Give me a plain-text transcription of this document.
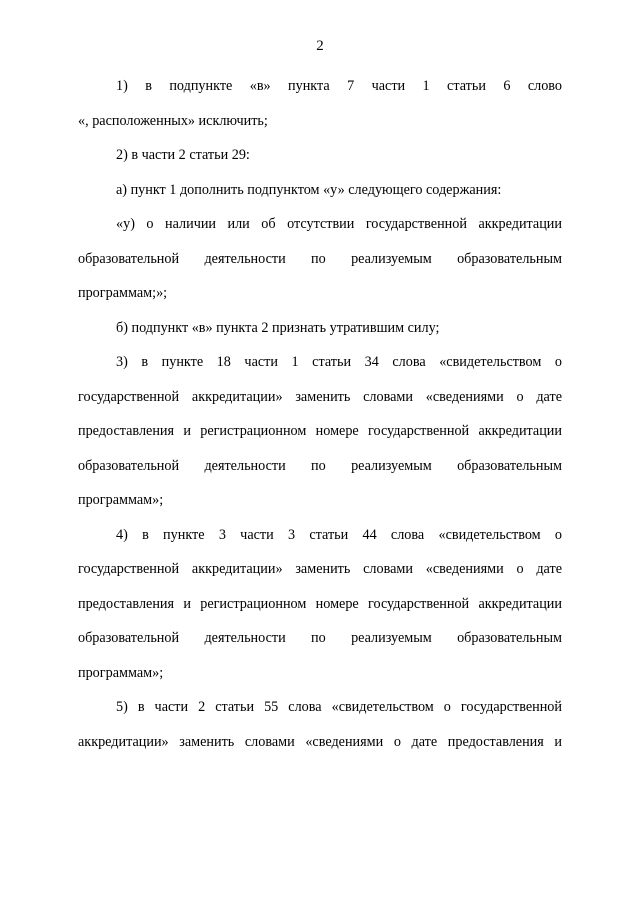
2
1) в подпункте «в» пункта 7 части 1 статьи 6 слово
«, расположенных» исключить;
2) в части 2 статьи 29:
а) пункт 1 дополнить подпунктом «у» следующего содержания:
«у) о наличии или об отсутствии государственной аккредитации
образовательной деятельности по реализуемым образовательным
программам;»;
б) подпункт «в» пункта 2 признать утратившим силу;
3) в пункте 18 части 1 статьи 34 слова «свидетельством о
государственной аккредитации» заменить словами «сведениями о дате
предоставления и регистрационном номере государственной аккредитации
образовательной деятельности по реализуемым образовательным
программам»;
4) в пункте 3 части 3 статьи 44 слова «свидетельством о
государственной аккредитации» заменить словами «сведениями о дате
предоставления и регистрационном номере государственной аккредитации
образовательной деятельности по реализуемым образовательным
программам»;
5) в части 2 статьи 55 слова «свидетельством о государственной
аккредитации» заменить словами «сведениями о дате предоставления и
